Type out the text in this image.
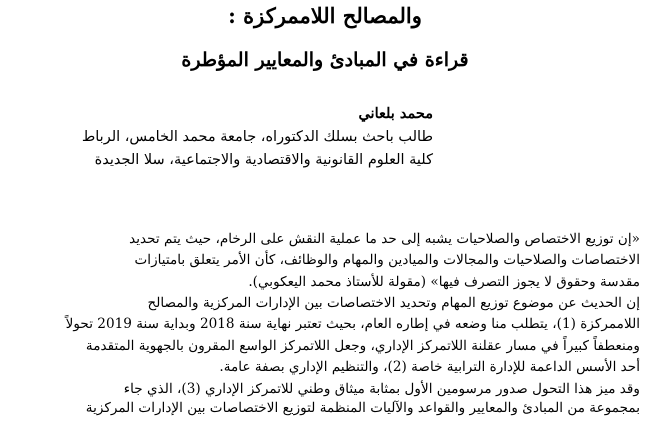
والمصالح اللاممركزة :
قراءة في المبادئ والمعايير المؤطرة
محمد بلعاني
طالب باحث بسلك الدكتوراه، جامعة محمد الخامس، الرباط
كلية العلوم القانونية والاقتصادية والاجتماعية، سلا الجديدة
«إن توزيع الاختصاص والصلاحيات يشبه إلى حد ما عملية النقش على الرخام، حيث يتم تحديد
الاختصاصات والصلاحيات والمجالات والميادين والمهام والوظائف، كأن الأمر يتعلق بامتيازات
مقدسة وحقوق لا يجوز التصرف فيها» (مقولة للأستاذ محمد اليعكوبي).
إن الحديث عن موضوع توزيع المهام وتحديد الاختصاصات بين الإدارات المركزية والمصالح
اللاممركزة (1)، يتطلب منا وضعه في إطاره العام، بحيث تعتبر نهاية سنة 2018 وبداية سنة 2019 تحولاً
ومنعطفاً كبيراً في مسار عقلنة اللاتمركز الإداري، وجعل اللاتمركز الواسع المقرون بالجهوية المتقدمة
أحد الأسس الداعمة للإدارة الترابية خاصة (2)، والتنظيم الإداري بصفة عامة.
وقد ميز هذا التحول صدور مرسومين الأول بمثابة ميثاق وطني للاتمركز الإداري (3)، الذي جاء
بمجموعة من المبادئ والمعايير والقواعد والآليات المنظمة لتوزيع الاختصاصات بين الإدارات المركزية
